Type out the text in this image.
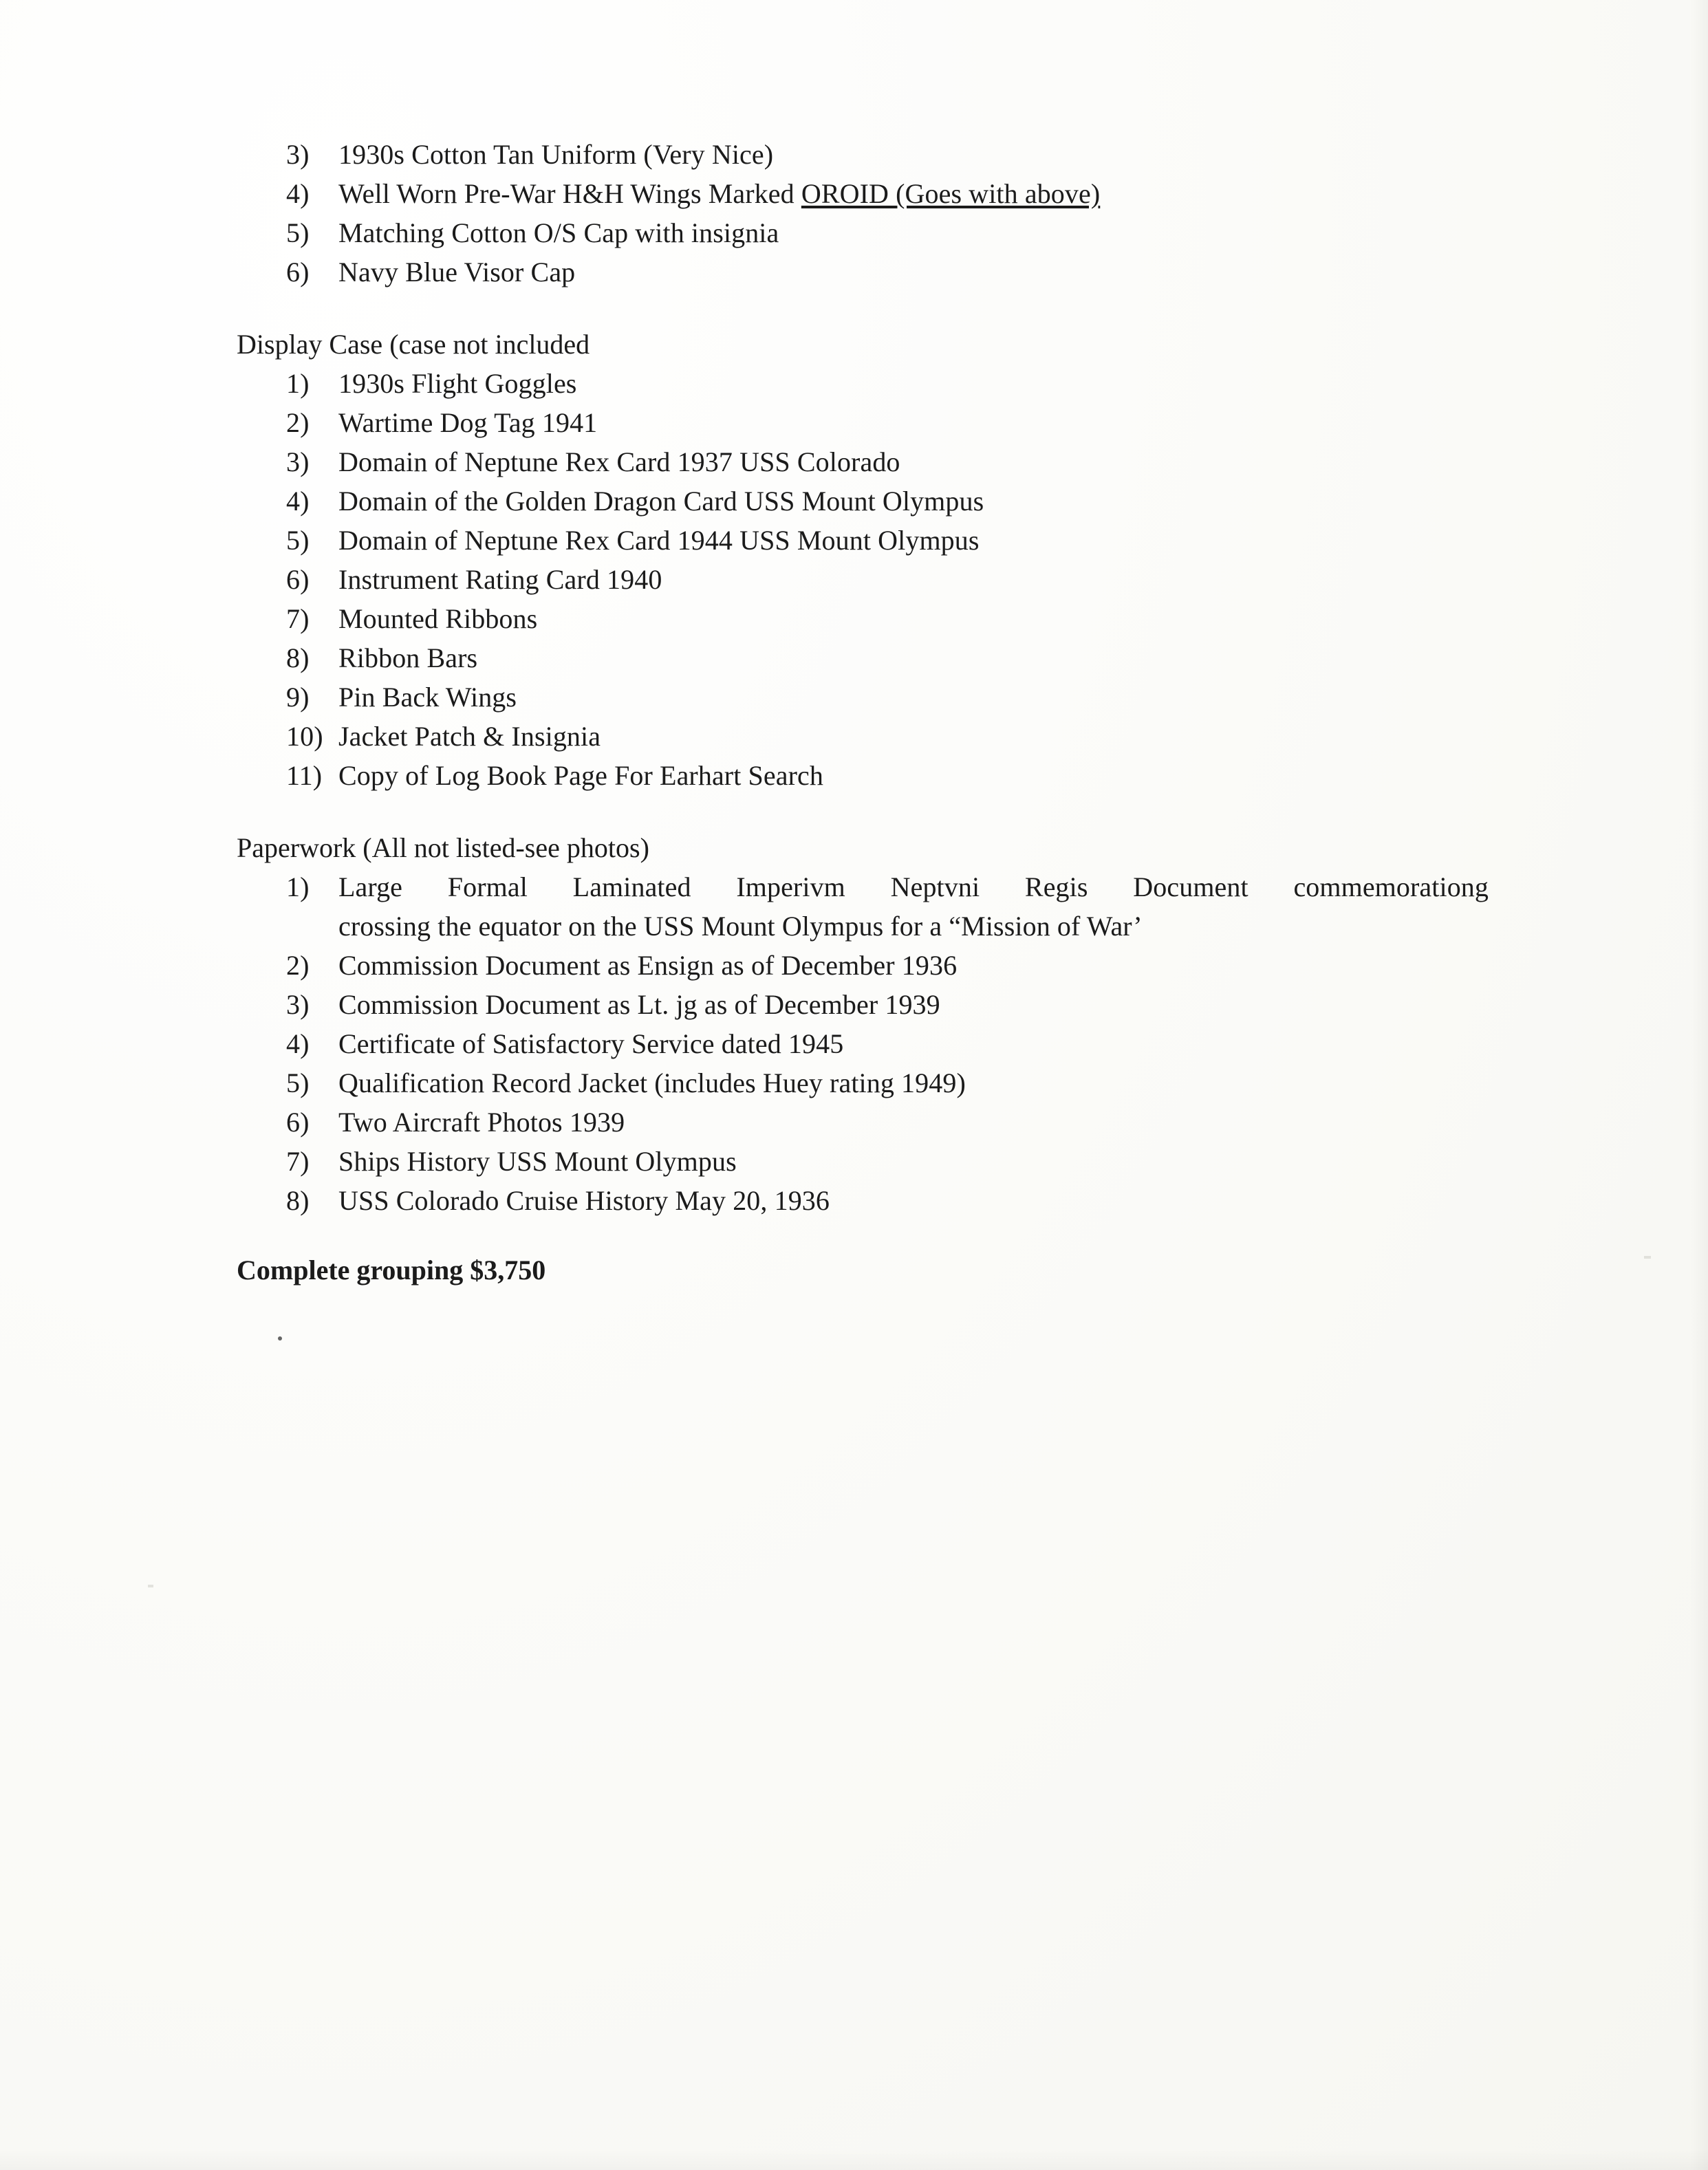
3)	1930s Cotton Tan Uniform (Very Nice)
4)	Well Worn Pre-War H&H Wings Marked OROID (Goes with above)
5)	Matching Cotton O/S Cap with insignia
6)	Navy Blue Visor Cap

Display Case (case not included

1)	1930s Flight Goggles
2)	Wartime Dog Tag 1941
3)	Domain of Neptune Rex Card 1937 USS Colorado
4)	Domain of the Golden Dragon Card USS Mount Olympus
5)	Domain of Neptune Rex Card 1944 USS Mount Olympus
6)	Instrument Rating Card 1940
7)	Mounted Ribbons
8)	Ribbon Bars
9)	Pin Back Wings
10) Jacket Patch & Insignia
11) Copy of Log Book Page For Earhart Search

Paperwork (All not listed-see photos)

1)	Large Formal Laminated Imperivm Neptvni Regis Document commemorationg
crossing the equator on the USS Mount Olympus for a “Mission of War’
2)	Commission Document as Ensign as of December 1936
3)	Commission Document as Lt. jg as of December 1939
4)	Certificate of Satisfactory Service dated 1945
5)	Qualification Record Jacket (includes Huey rating 1949)
6)	Two Aircraft Photos 1939
7)	Ships History USS Mount Olympus
8)	USS Colorado Cruise History May 20, 1936

Complete grouping $3,750
